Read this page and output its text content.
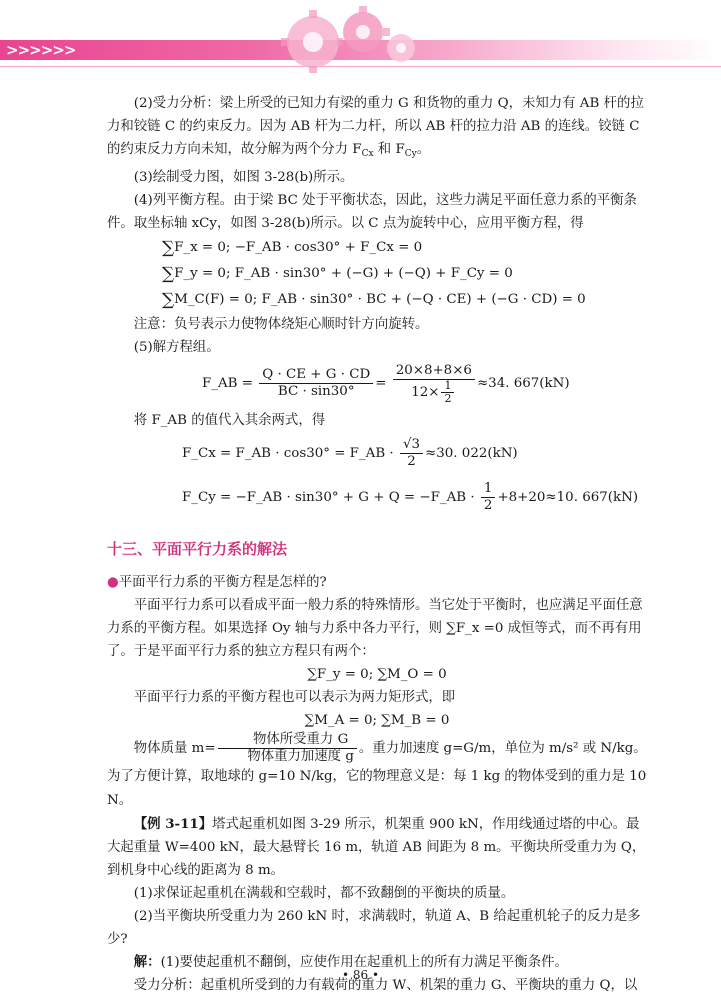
>>>>>>

(2)受力分析：梁上所受的已知力有梁的重力 G 和货物的重力 Q，未知力有 AB 杆的拉力和铰链 C 的约束反力。因为 AB 杆为二力杆，所以 AB 杆的拉力沿 AB 的连线。铰链 C 的约束反力方向未知，故分解为两个分力 $F_{Cx}$ 和 $F_{Cy}$。

(3)绘制受力图，如图 3-28(b)所示。

(4)列平衡方程。由于梁 BC 处于平衡状态，因此，这些力满足平面任意力系的平衡条件。取坐标轴 xCy，如图 3-28(b)所示。以 C 点为旋转中心，应用平衡方程，得

∑F_x = 0; −F_AB · cos30° + F_Cx = 0

∑F_y = 0; F_AB · sin30° + (−G) + (−Q) + F_Cy = 0

∑M_C(F) = 0; F_AB · sin30° · BC + (−Q · CE) + (−G · CD) = 0

注意：负号表示力使物体绕矩心顺时针方向旋转。

(5)解方程组。

F_AB = $\frac{Q \cdot CE + G \cdot CD}{BC \cdot \sin 30^\circ} = \frac{20\times 8+8\times 6}{12\times \frac{1}{2}} \approx 34$. 667(kN)

将 F_AB 的值代入其余两式，得

F_Cx = F_AB · cos30° = F_AB · $\frac{√3}{2} \approx 30$. 022(kN)

F_Cy = −F_AB · sin30° + G + Q = −F_AB · $\frac{1}{2} +8+20\approx 10$. 667(kN)

十三、平面平行力系的解法

●平面平行力系的平衡方程是怎样的?

平面平行力系可以看成平面一般力系的特殊情形。当它处于平衡时，也应满足平面任意力系的平衡方程。如果选择 Oy 轴与力系中各力平行，则 ∑F_x =0 成恒等式，而不再有用了。于是平面平行力系的独立方程只有两个：

∑F_y = 0; ∑M_O = 0

平面平行力系的平衡方程也可以表示为两力矩形式，即

∑M_A = 0; ∑M_B = 0

物体质量 $m= \frac{\text{物体所受重力 G}}{\text{物体重力加速度 g}}$ 。重力加速度 g=G/m，单位为 m/s² 或 N/kg。为了方便计算，取地球的 g=10 N/kg，它的物理意义是：每 1 kg 的物体受到的重力是 10 N。

【例 3-11】塔式起重机如图 3-29 所示，机架重 900 kN，作用线通过塔的中心。最大起重量 W=400 kN，最大悬臂长 16 m，轨道 AB 间距为 8 m。平衡块所受重力为 Q，到机身中心线的距离为 8 m。

(1)求保证起重机在满载和空载时，都不致翻倒的平衡块的质量。

(2)当平衡块所受重力为 260 kN 时，求满载时，轨道 A、B 给起重机轮子的反力是多少?

解：(1)要使起重机不翻倒，应使作用在起重机上的所有力满足平衡条件。

受力分析：起重机所受到的力有载荷的重力 W、机架的重力 G、平衡块的重力 Q，以

• 86 •
